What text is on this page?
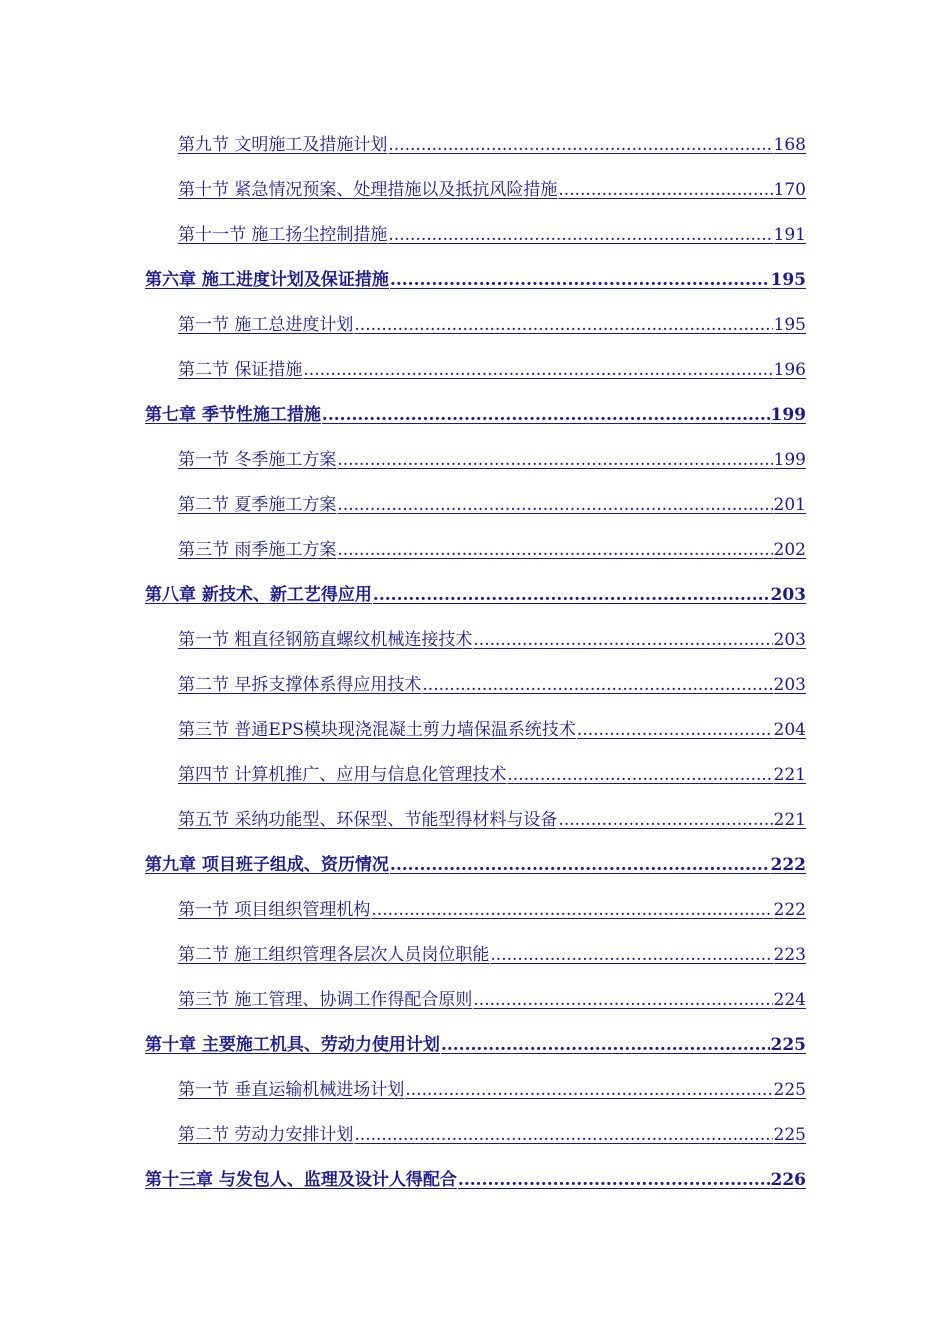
第九节 文明施工及措施计划 .....	168
第十节 紧急情况预案、处理措施以及抵抗风险措施 .....	170
第十一节 施工扬尘控制措施 .....	191
第六章 施工进度计划及保证措施 .....	195
第一节 施工总进度计划 .....	195
第二节 保证措施 .....	196
第七章 季节性施工措施 .....	199
第一节 冬季施工方案 .....	199
第二节 夏季施工方案 .....	201
第三节 雨季施工方案 .....	202
第八章 新技术、新工艺得应用 .....	203
第一节 粗直径钢筋直螺纹机械连接技术 .....	203
第二节 早拆支撑体系得应用技术 .....	203
第三节 普通EPS模块现浇混凝土剪力墙保温系统技术 .....	204
第四节 计算机推广、应用与信息化管理技术 .....	221
第五节 采纳功能型、环保型、节能型得材料与设备 .....	221
第九章 项目班子组成、资历情况 .....	222
第一节 项目组织管理机构 .....	222
第二节 施工组织管理各层次人员岗位职能 .....	223
第三节 施工管理、协调工作得配合原则 .....	224
第十章 主要施工机具、劳动力使用计划 .....	225
第一节 垂直运输机械进场计划 .....	225
第二节 劳动力安排计划 .....	225
第十三章 与发包人、监理及设计人得配合 .....	226
